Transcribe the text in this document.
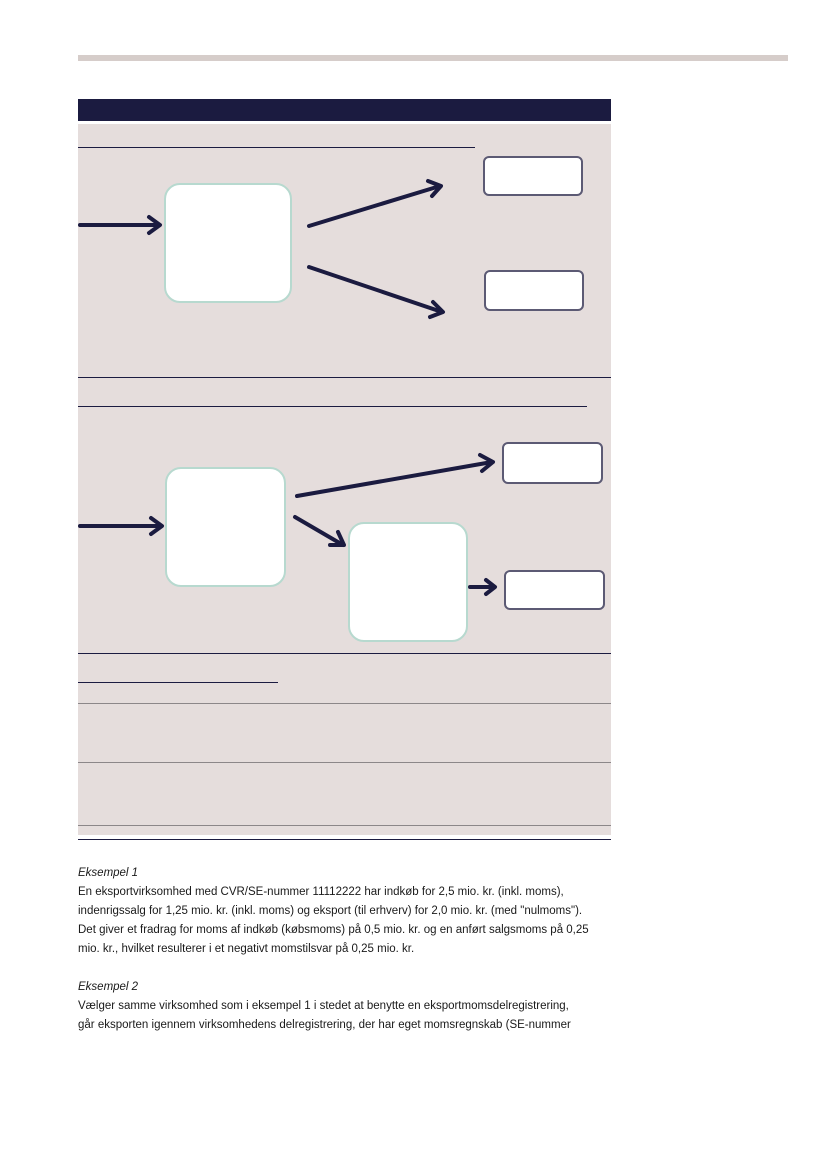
Eksempel 1

En eksportvirksomhed med CVR/SE-nummer 11112222 har indkøb for 2,5 mio. kr. (inkl. moms),

indenrigssalg for 1,25 mio. kr. (inkl. moms) og eksport (til erhverv) for 2,0 mio. kr. (med "nulmoms").

Det giver et fradrag for moms af indkøb (købsmoms) på 0,5 mio. kr. og en anført salgsmoms på 0,25

mio. kr., hvilket resulterer i et negativt momstilsvar på 0,25 mio. kr.

Eksempel 2

Vælger samme virksomhed som i eksempel 1 i stedet at benytte en eksportmomsdelregistrering,

går eksporten igennem virksomhedens delregistrering, der har eget momsregnskab (SE-nummer
